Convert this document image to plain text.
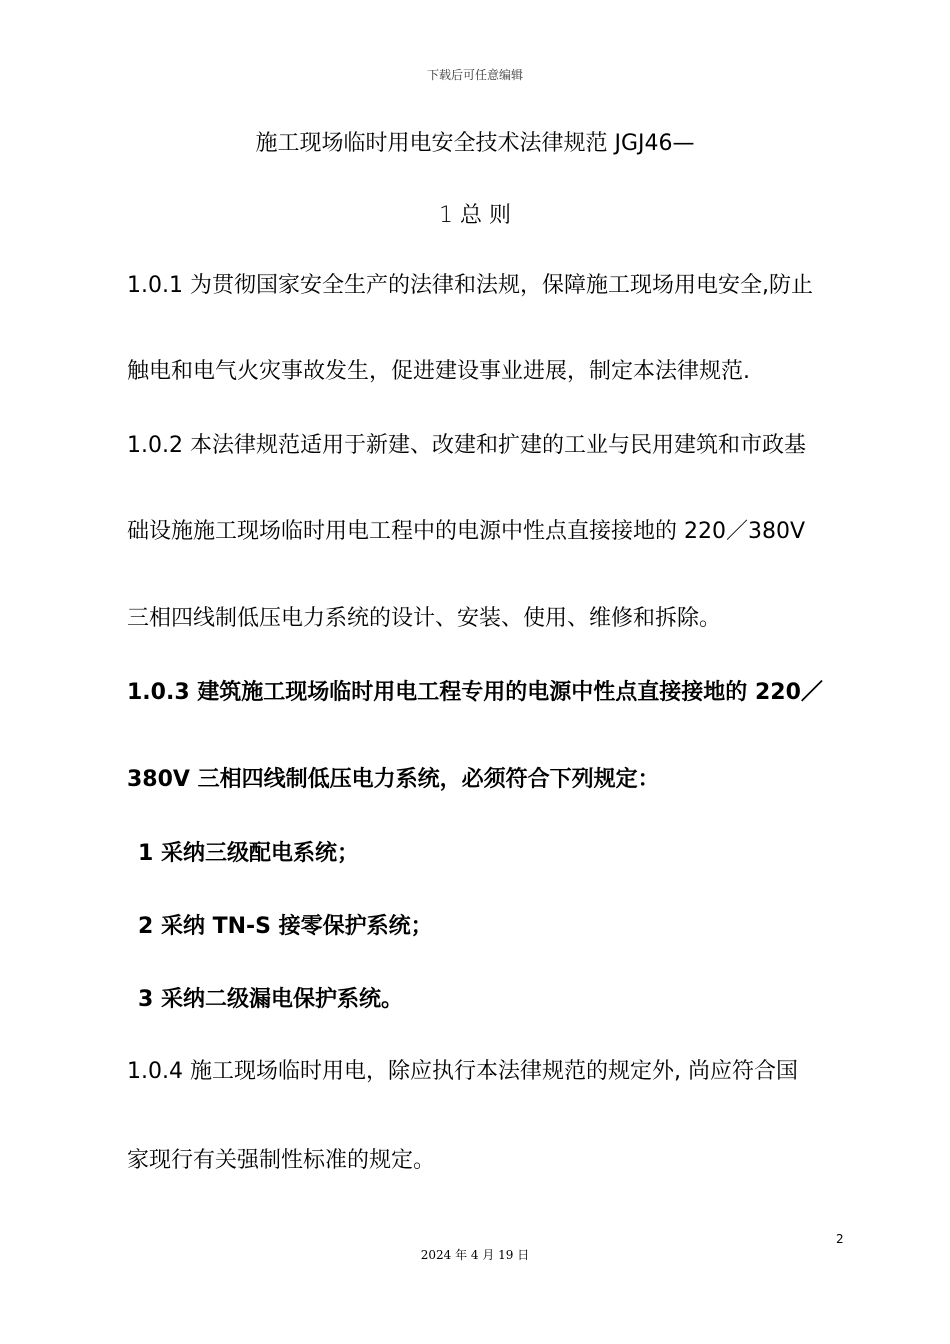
下载后可任意编辑
施工现场临时用电安全技术法律规范 JGJ46—
1 总 则
1.0.1 为贯彻国家安全生产的法律和法规，保障施工现场用电安全,防止
触电和电气火灾事故发生，促进建设事业进展，制定本法律规范.
1.0.2 本法律规范适用于新建、改建和扩建的工业与民用建筑和市政基
础设施施工现场临时用电工程中的电源中性点直接接地的 220／380V
三相四线制低压电力系统的设计、安装、使用、维修和拆除。
1.0.3 建筑施工现场临时用电工程专用的电源中性点直接接地的 220／
380V 三相四线制低压电力系统，必须符合下列规定：
1 采纳三级配电系统；
2 采纳 TN-S 接零保护系统；
3 采纳二级漏电保护系统。
1.0.4 施工现场临时用电，除应执行本法律规范的规定外, 尚应符合国
家现行有关强制性标准的规定。
2
2024 年 4 月 19 日
